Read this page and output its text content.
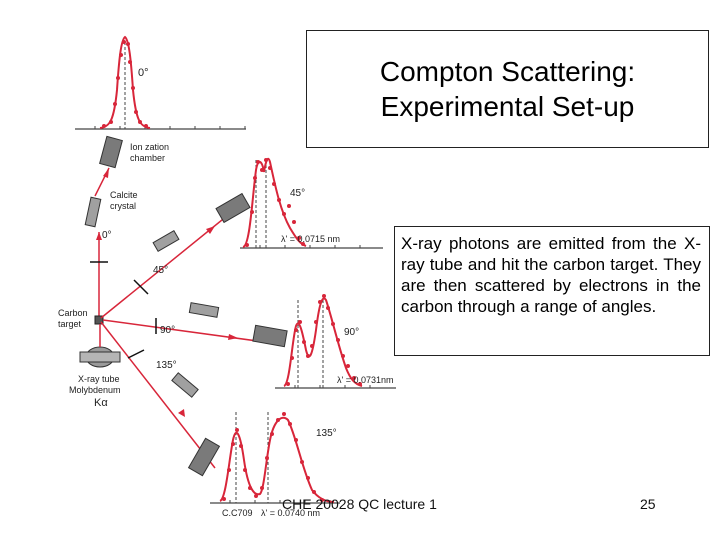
0°
Ion zation chamber
Calcite crystal
0°
Carbon target
X-ray tube Molybdenum Kα
45°
90°
135°
45°
λ' = 0.0715 nm
90°
λ' = 0.0731nm
135°
C.C709 λ' = 0.0740 nm
Compton Scattering:
Experimental Set-up

X-ray photons are emitted from the X-ray tube and hit the carbon target. They are then scattered by electrons in the carbon through a range of angles.

CHE 20028 QC lecture 1	25
